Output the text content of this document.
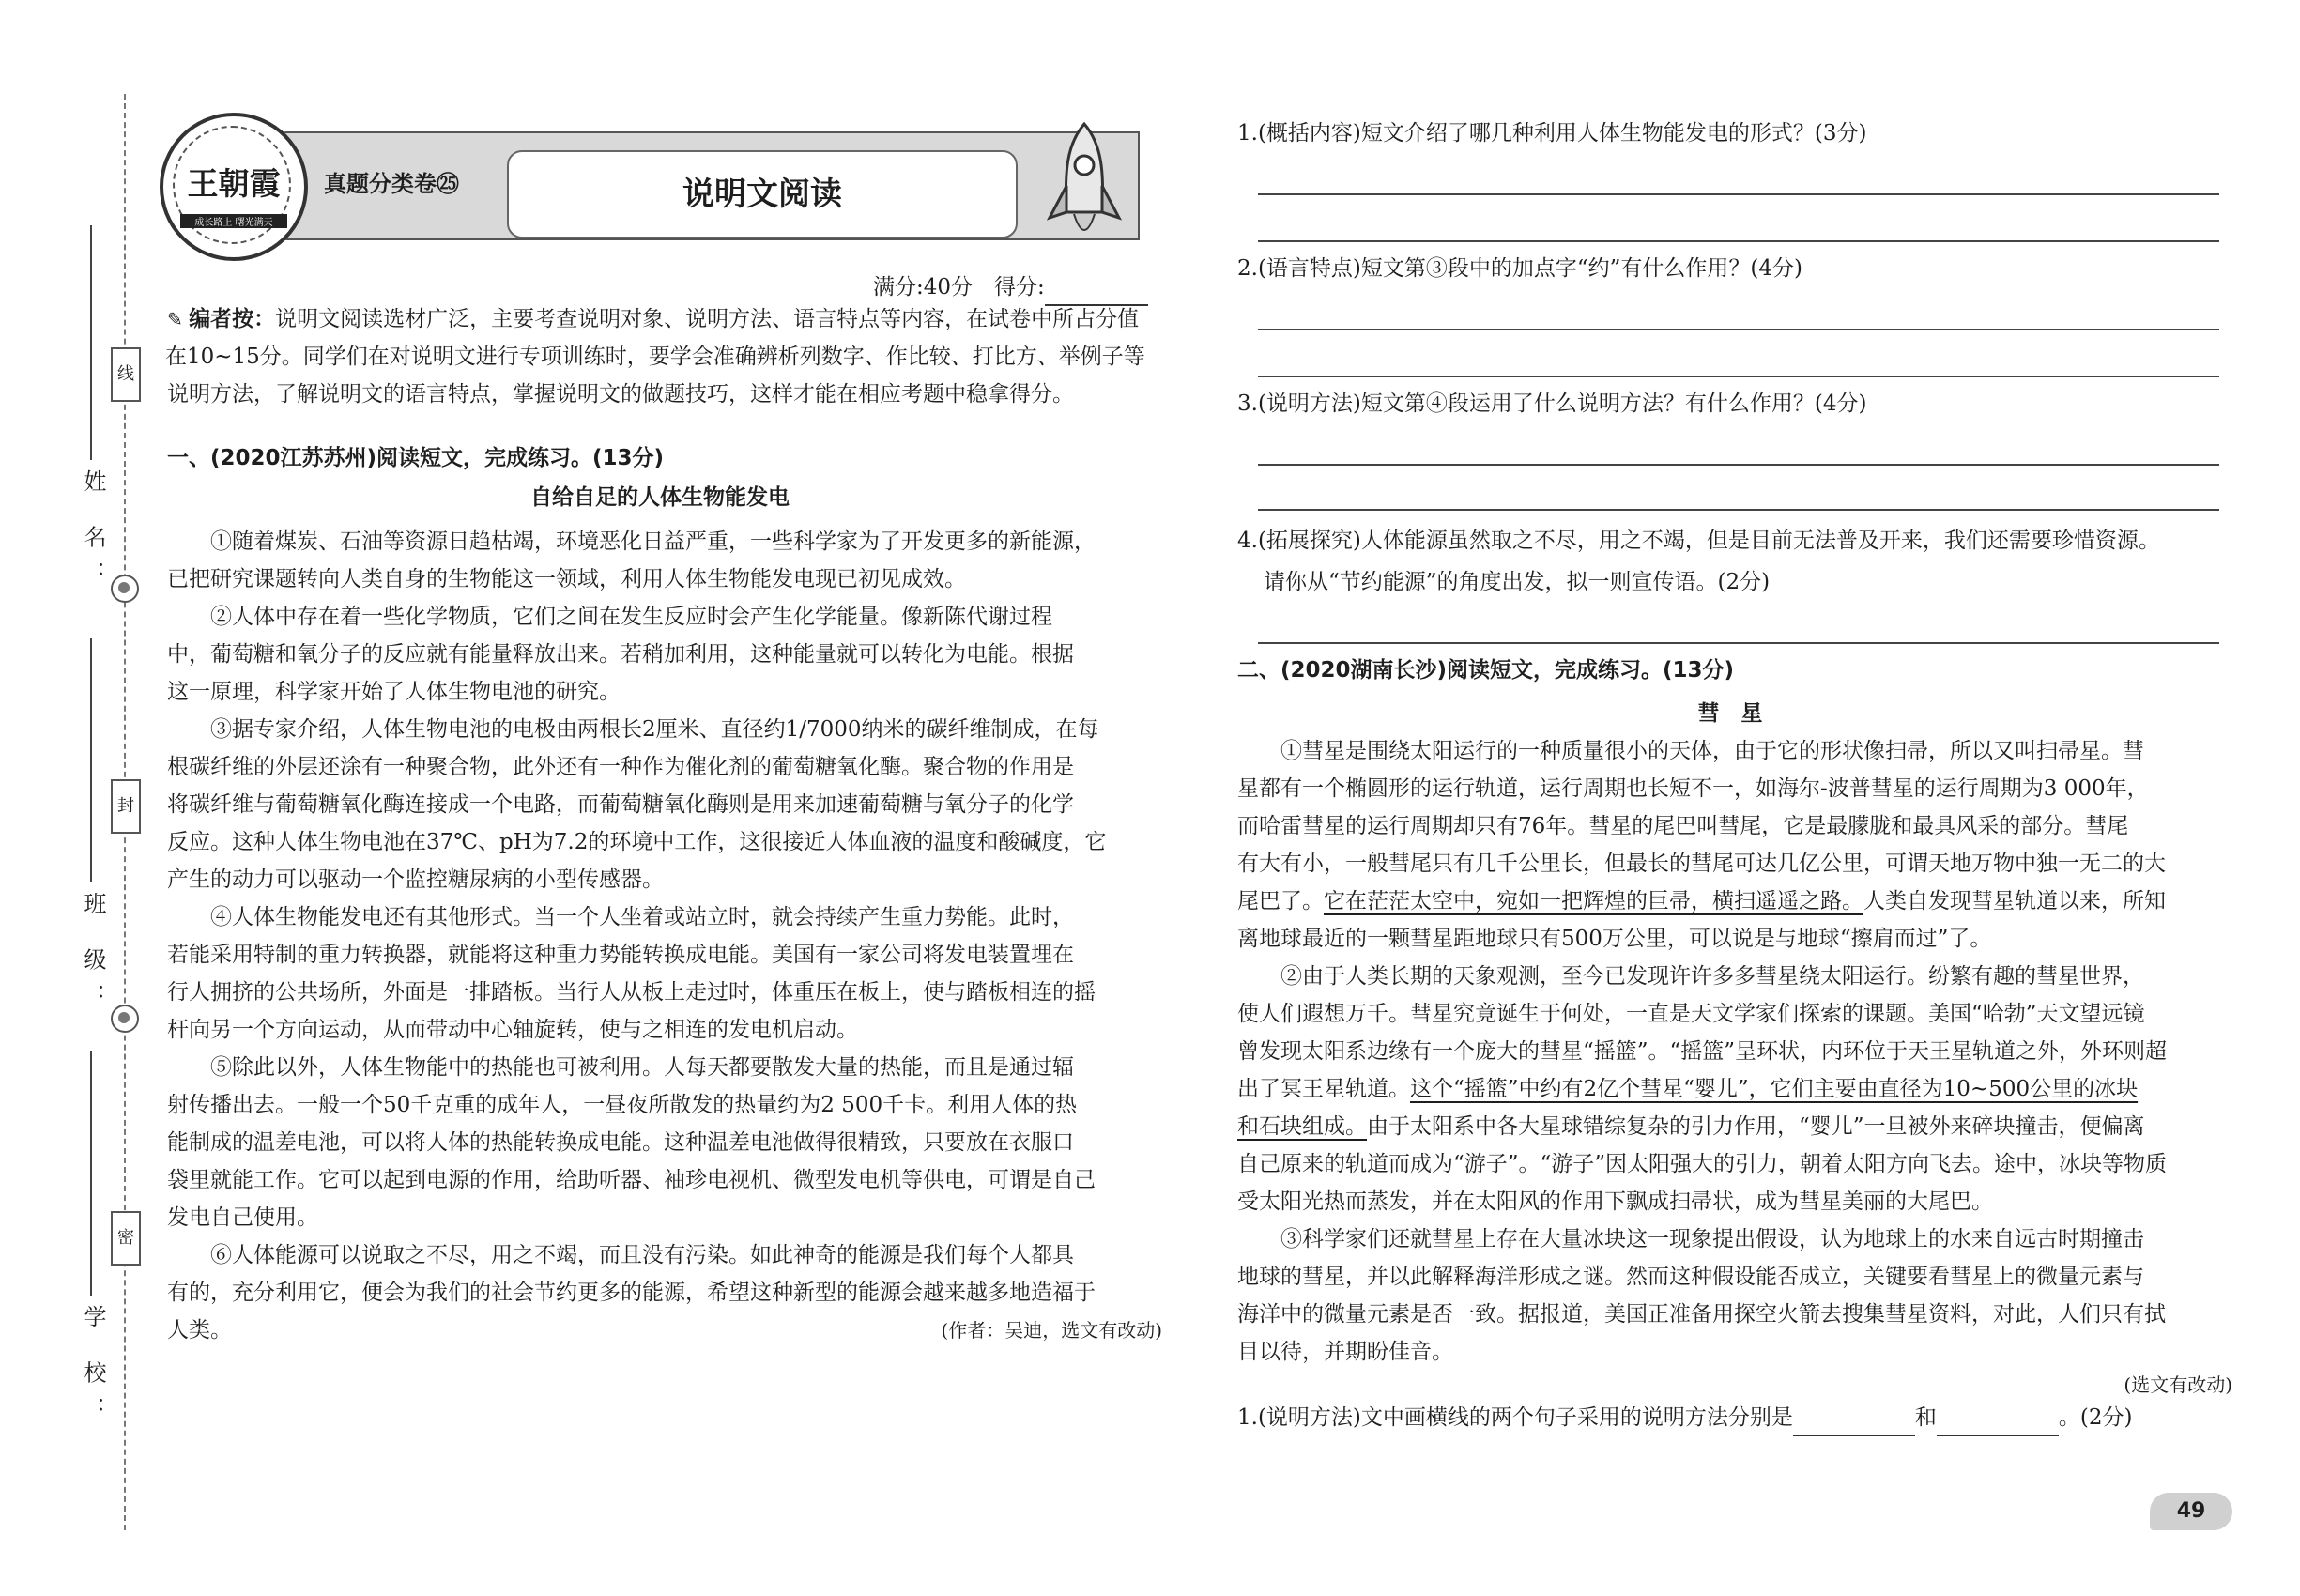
姓 名：
班 级：
学 校：
线
封
密
王朝霞
成长路上 曙光满天
真题分类卷㉕	说明文阅读
满分:40分　得分:
✎ 编者按：说明文阅读选材广泛，主要考查说明对象、说明方法、语言特点等内容，在试卷中所占分值
在10~15分。同学们在对说明文进行专项训练时，要学会准确辨析列数字、作比较、打比方、举例子等
说明方法，了解说明文的语言特点，掌握说明文的做题技巧，这样才能在相应考题中稳拿得分。
一、(2020江苏苏州)阅读短文，完成练习。(13分)
自给自足的人体生物能发电
①随着煤炭、石油等资源日趋枯竭，环境恶化日益严重，一些科学家为了开发更多的新能源，
已把研究课题转向人类自身的生物能这一领域，利用人体生物能发电现已初见成效。
②人体中存在着一些化学物质，它们之间在发生反应时会产生化学能量。像新陈代谢过程
中，葡萄糖和氧分子的反应就有能量释放出来。若稍加利用，这种能量就可以转化为电能。根据
这一原理，科学家开始了人体生物电池的研究。
③据专家介绍，人体生物电池的电极由两根长2厘米、直径约1/7000纳米的碳纤维制成，在每
根碳纤维的外层还涂有一种聚合物，此外还有一种作为催化剂的葡萄糖氧化酶。聚合物的作用是
将碳纤维与葡萄糖氧化酶连接成一个电路，而葡萄糖氧化酶则是用来加速葡萄糖与氧分子的化学
反应。这种人体生物电池在37℃、pH为7.2的环境中工作，这很接近人体血液的温度和酸碱度，它
产生的动力可以驱动一个监控糖尿病的小型传感器。
④人体生物能发电还有其他形式。当一个人坐着或站立时，就会持续产生重力势能。此时，
若能采用特制的重力转换器，就能将这种重力势能转换成电能。美国有一家公司将发电装置埋在
行人拥挤的公共场所，外面是一排踏板。当行人从板上走过时，体重压在板上，使与踏板相连的摇
杆向另一个方向运动，从而带动中心轴旋转，使与之相连的发电机启动。
⑤除此以外，人体生物能中的热能也可被利用。人每天都要散发大量的热能，而且是通过辐
射传播出去。一般一个50千克重的成年人，一昼夜所散发的热量约为2 500千卡。利用人体的热
能制成的温差电池，可以将人体的热能转换成电能。这种温差电池做得很精致，只要放在衣服口
袋里就能工作。它可以起到电源的作用，给助听器、袖珍电视机、微型发电机等供电，可谓是自己
发电自己使用。
⑥人体能源可以说取之不尽，用之不竭，而且没有污染。如此神奇的能源是我们每个人都具
有的，充分利用它，便会为我们的社会节约更多的能源，希望这种新型的能源会越来越多地造福于
人类。	(作者：吴迪，选文有改动)
1.(概括内容)短文介绍了哪几种利用人体生物能发电的形式？(3分)
2.(语言特点)短文第③段中的加点字“约”有什么作用？(4分)
3.(说明方法)短文第④段运用了什么说明方法？有什么作用？(4分)
4.(拓展探究)人体能源虽然取之不尽，用之不竭，但是目前无法普及开来，我们还需要珍惜资源。
请你从“节约能源”的角度出发，拟一则宣传语。(2分)
二、(2020湖南长沙)阅读短文，完成练习。(13分)
彗　星
①彗星是围绕太阳运行的一种质量很小的天体，由于它的形状像扫帚，所以又叫扫帚星。彗
星都有一个椭圆形的运行轨道，运行周期也长短不一，如海尔-波普彗星的运行周期为3 000年，
而哈雷彗星的运行周期却只有76年。彗星的尾巴叫彗尾，它是最朦胧和最具风采的部分。彗尾
有大有小，一般彗尾只有几千公里长，但最长的彗尾可达几亿公里，可谓天地万物中独一无二的大
尾巴了。它在茫茫太空中，宛如一把辉煌的巨帚，横扫遥遥之路。人类自发现彗星轨道以来，所知
离地球最近的一颗彗星距地球只有500万公里，可以说是与地球“擦肩而过”了。
②由于人类长期的天象观测，至今已发现许许多多彗星绕太阳运行。纷繁有趣的彗星世界，
使人们遐想万千。彗星究竟诞生于何处，一直是天文学家们探索的课题。美国“哈勃”天文望远镜
曾发现太阳系边缘有一个庞大的彗星“摇篮”。“摇篮”呈环状，内环位于天王星轨道之外，外环则超
出了冥王星轨道。这个“摇篮”中约有2亿个彗星“婴儿”，它们主要由直径为10~500公里的冰块
和石块组成。由于太阳系中各大星球错综复杂的引力作用，“婴儿”一旦被外来碎块撞击，便偏离
自己原来的轨道而成为“游子”。“游子”因太阳强大的引力，朝着太阳方向飞去。途中，冰块等物质
受太阳光热而蒸发，并在太阳风的作用下飘成扫帚状，成为彗星美丽的大尾巴。
③科学家们还就彗星上存在大量冰块这一现象提出假设，认为地球上的水来自远古时期撞击
地球的彗星，并以此解释海洋形成之谜。然而这种假设能否成立，关键要看彗星上的微量元素与
海洋中的微量元素是否一致。据报道，美国正准备用探空火箭去搜集彗星资料，对此，人们只有拭
目以待，并期盼佳音。
(选文有改动)
1.(说明方法)文中画横线的两个句子采用的说明方法分别是	和	。(2分)
49
